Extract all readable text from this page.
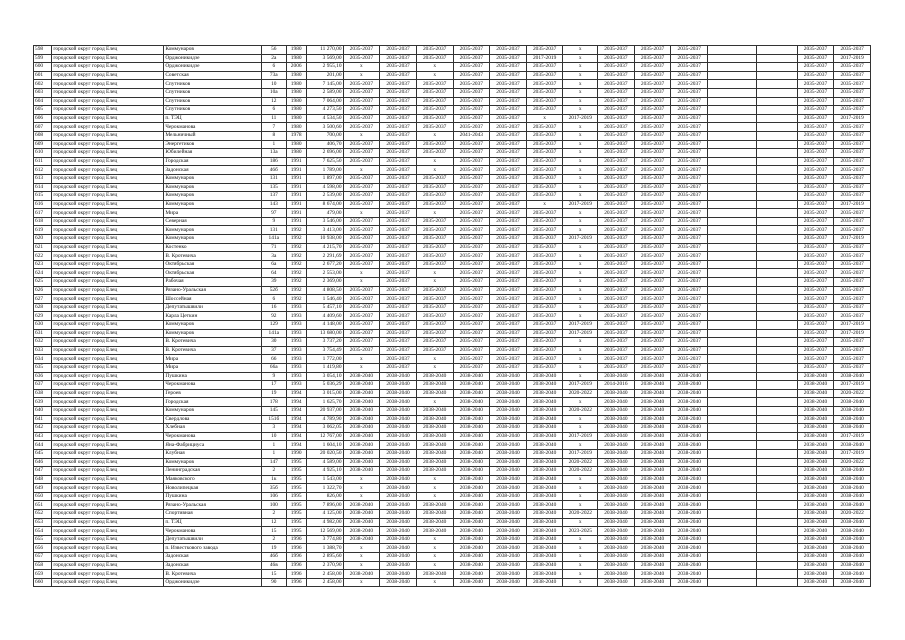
598	городской округ город Елец	Коммунаров	56	1980	11 270,00	2035-2037	2035-2037	2035-2037	2035-2037	2035-2037	2035-2037	х	2035-2037	2035-2037	2035-2037			2035-2037	2035-2037
599	городской округ город Елец	Орджоникидзе	2а	1980	3 569,00	2035-2037	2035-2037	2035-2037	2035-2037	2035-2037	2017-2019	х	2035-2037	2035-2037	2035-2037			2035-2037	2017-2019
600	городской округ город Елец	Орджоникидзе	6	2006	2 955,10	х	2035-2037	х	2035-2037	2035-2037	2035-2037	х	2035-2037	2035-2037	2035-2037			2035-2037	2035-2037
601	городской округ город Елец	Советская	73а	1980	201,00	х	2035-2037	х	2035-2037	2035-2037	2035-2037	х	2035-2037	2035-2037	2035-2037			2035-2037	2035-2037
602	городской округ город Елец	Спутников	10	1980	7 145,00	2035-2037	2035-2037	2035-2037	2035-2037	2035-2037	2035-2037	х	2035-2037	2035-2037	2035-2037			2035-2037	2035-2037
603	городской округ город Елец	Спутников	10а	1980	2 589,00	2035-2037	2035-2037	2035-2037	2035-2037	2035-2037	2035-2037	х	2035-2037	2035-2037	2035-2037			2035-2037	2035-2037
604	городской округ город Елец	Спутников	12	1980	7 064,00	2035-2037	2035-2037	2035-2037	2035-2037	2035-2037	2035-2037	х	2035-2037	2035-2037	2035-2037			2035-2037	2035-2037
605	городской округ город Елец	Спутников	6	1980	4 273,50	2035-2037	2035-2037	2035-2037	2035-2037	2035-2037	2035-2037	х	2035-2037	2035-2037	2035-2037			2035-2037	2035-2037
606	городской округ город Елец	п. ТЭЦ	11	1980	4 534,50	2035-2037	2035-2037	2035-2037	2035-2037	2035-2037	х	2017-2019	2035-2037	2035-2037	2035-2037			2035-2037	2017-2019
607	городской округ город Елец	Черокманова	7	1980	3 500,60	2035-2037	2035-2037	2035-2037	2035-2037	2035-2037	2035-2037	х	2035-2037	2035-2037	2035-2037			2035-2037	2035-2037
608	городской округ город Елец	Мельничный	8	1978	700,00	х	2035-2037	х	2041-2043	2035-2037	2035-2037	х	2035-2037	2035-2037	2035-2037			2035-2037	2035-2037
609	городской округ город Елец	Энергетиков	1	1980	406,70	2035-2037	2035-2037	2035-2037	2035-2037	2035-2037	2035-2037	х	2035-2037	2035-2037	2035-2037			2035-2037	2035-2037
610	городской округ город Елец	Юбилейная	13а	1980	2 696,00	2035-2037	2035-2037	2035-2037	2035-2037	2035-2037	2035-2037	х	2035-2037	2035-2037	2035-2037			2035-2037	2035-2037
611	городской округ город Елец	Городская	186	1991	7 625,50	2035-2037	2035-2037	х	2035-2037	2035-2037	2035-2037	х	2035-2037	2035-2037	2035-2037			2035-2037	2035-2037
612	городской округ город Елец	Задонская	46б	1991	1 789,00	х	2035-2037	х	2035-2037	2035-2037	2035-2037	х	2035-2037	2035-2037	2035-2037			2035-2037	2035-2037
613	городской округ город Елец	Коммунаров	131	1991	1 897,00	2035-2037	2035-2037	2035-2037	2035-2037	2035-2037	2035-2037	х	2035-2037	2035-2037	2035-2037			2035-2037	2035-2037
614	городской округ город Елец	Коммунаров	135	1991	4 598,00	2035-2037	2035-2037	2035-2037	2035-2037	2035-2037	2035-2037	х	2035-2037	2035-2037	2035-2037			2035-2037	2035-2037
615	городской округ город Елец	Коммунаров	137	1991	2 539,00	2035-2037	2035-2037	2035-2037	2035-2037	2035-2037	2035-2037	х	2035-2037	2035-2037	2035-2037			2035-2037	2035-2037
616	городской округ город Елец	Коммунаров	143	1991	8 674,00	2035-2037	2035-2037	2035-2037	2035-2037	2035-2037	х	2017-2019	2035-2037	2035-2037	2035-2037			2035-2037	2017-2019
617	городской округ город Елец	Мира	97	1991	479,00	х	2035-2037	х	2035-2037	2035-2037	2035-2037	х	2035-2037	2035-2037	2035-2037			2035-2037	2035-2037
618	городской округ город Елец	Северная	9	1991	3 546,00	2035-2037	2035-2037	2035-2037	2035-2037	2035-2037	2035-2037	х	2035-2037	2035-2037	2035-2037			2035-2037	2035-2037
619	городской округ город Елец	Коммунаров	131	1992	3 413,00	2035-2037	2035-2037	2035-2037	2035-2037	2035-2037	2035-2037	х	2035-2037	2035-2037	2035-2037			2035-2037	2035-2037
620	городской округ город Елец	Коммунаров	141а	1992	10 938,00	2035-2037	2035-2037	2035-2037	2035-2037	2035-2037	2035-2037	2017-2019	2035-2037	2035-2037	2035-2037			2035-2037	2017-2019
621	городской округ город Елец	Костенко	71	1992	4 215,70	2035-2037	2035-2037	2035-2037	2035-2037	2035-2037	2035-2037	х	2035-2037	2035-2037	2035-2037			2035-2037	2035-2037
622	городской округ город Елец	В. Кротевича	3а	1992	2 291,69	2035-2037	2035-2037	2035-2037	2035-2037	2035-2037	2035-2037	х	2035-2037	2035-2037	2035-2037			2035-2037	2035-2037
623	городской округ город Елец	Октябрьская	6а	1992	2 677,20	2035-2037	2035-2037	2035-2037	2035-2037	2035-2037	2035-2037	х	2035-2037	2035-2037	2035-2037			2035-2037	2035-2037
624	городской округ город Елец	Октябрьская	64	1992	2 553,00	х	2035-2037	х	2035-2037	2035-2037	2035-2037	х	2035-2037	2035-2037	2035-2037			2035-2037	2035-2037
625	городской округ город Елец	Рабочая	39	1992	2 369,00	х	2035-2037	х	2035-2037	2035-2037	2035-2037	х	2035-2037	2035-2037	2035-2037			2035-2037	2035-2037
626	городской округ город Елец	Рязано-Уральская	52б	1992	4 808,50	2035-2037	2035-2037	2035-2037	2035-2037	2035-2037	2035-2037	х	2035-2037	2035-2037	2035-2037			2035-2037	2035-2037
627	городской округ город Елец	Шоссейная	6	1992	1 546,40	2035-2037	2035-2037	2035-2037	2035-2037	2035-2037	2035-2037	х	2035-2037	2035-2037	2035-2037			2035-2037	2035-2037
628	городской округ город Елец	Депутатышвили	16	1993	5 457,10	2035-2037	2035-2037	2035-2037	2035-2037	2035-2037	2035-2037	х	2035-2037	2035-2037	2035-2037			2035-2037	2035-2037
629	городской округ город Елец	Карла Цеткин	92	1993	4 409,60	2035-2037	2035-2037	2035-2037	2035-2037	2035-2037	2035-2037	х	2035-2037	2035-2037	2035-2037			2035-2037	2035-2037
630	городской округ город Елец	Коммунаров	129	1993	4 148,00	2035-2037	2035-2037	2035-2037	2035-2037	2035-2037	2035-2037	2017-2019	2035-2037	2035-2037	2035-2037			2035-2037	2017-2019
631	городской округ город Елец	Коммунаров	141а	1993	13 680,00	2035-2037	2035-2037	2035-2037	2035-2037	2035-2037	2035-2037	2017-2019	2035-2037	2035-2037	2035-2037			2035-2037	2017-2019
632	городской округ город Елец	В. Кротевича	30	1993	3 737,20	2035-2037	2035-2037	2035-2037	2035-2037	2035-2037	2035-2037	х	2035-2037	2035-2037	2035-2037			2035-2037	2035-2037
633	городской округ город Елец	В. Кротевича	37	1993	3 754,49	2035-2037	2035-2037	2035-2037	2035-2037	2035-2037	2035-2037	х	2035-2037	2035-2037	2035-2037			2035-2037	2035-2037
634	городской округ город Елец	Мира	66	1993	1 772,00	х	2035-2037	х	2035-2037	2035-2037	2035-2037	х	2035-2037	2035-2037	2035-2037			2035-2037	2035-2037
635	городской округ город Елец	Мира	66а	1993	1 419,80	х	2035-2037	х	2035-2037	2035-2037	2035-2037	х	2035-2037	2035-2037	2035-2037			2035-2037	2035-2037
636	городской округ город Елец	Пушкина	9	1993	3 054,10	2038-2040	2038-2040	2038-2040	2038-2040	2038-2040	2038-2040	х	2038-2040	2038-2040	2038-2040			2038-2040	2038-2040
637	городской округ город Елец	Черокманова	17	1993	5 036,29	2038-2040	2038-2040	2038-2040	2038-2040	2038-2040	2038-2040	2017-2019	2014-2016	2038-2040	2038-2040			2038-2040	2017-2019
638	городской округ город Елец	Героев	19	1994	3 015,00	2038-2040	2038-2040	2038-2040	2038-2040	2038-2040	2038-2040	2020-2022	2038-2040	2038-2040	2038-2040			2038-2040	2020-2022
639	городской округ город Елец	Городская	178	1994	1 625,70	2038-2040	2038-2040	х	2038-2040	2038-2040	2038-2040	х	2038-2040	2038-2040	2038-2040			2038-2040	2038-2040
640	городской округ город Елец	Коммунаров	145	1994	20 937,00	2038-2040	2038-2040	2038-2040	2038-2040	2038-2040	2038-2040	2020-2022	2038-2040	2038-2040	2038-2040			2038-2040	2038-2040
641	городской округ город Елец	Свердлова	151б	1994	4 789,90	2038-2040	2038-2040	2038-2040	2038-2040	2038-2040	2038-2040	х	2038-2040	2038-2040	2038-2040			2038-2040	2038-2040
642	городской округ город Елец	Хлебная	3	1994	3 062,05	2038-2040	2038-2040	2038-2040	2038-2040	2038-2040	2038-2040	х	2038-2040	2038-2040	2038-2040			2038-2040	2038-2040
643	городской округ город Елец	Черокманова	10	1994	12 767,00	2038-2040	2038-2040	2038-2040	2038-2040	2038-2040	2038-2040	2017-2019	2038-2040	2038-2040	2038-2040			2038-2040	2017-2019
644	городской округ город Елец	Яна-Фабрициуса	1	1994	1 604,10	2038-2040	2038-2040	2038-2040	2038-2040	2038-2040	2038-2040	х	2038-2040	2038-2040	2038-2040			2038-2040	2038-2040
645	городской округ город Елец	Клубная	1	1990	20 020,50	2038-2040	2038-2040	2038-2040	2038-2040	2038-2040	2038-2040	2017-2019	2038-2040	2038-2040	2038-2040			2038-2040	2017-2019
646	городской округ город Елец	Коммунаров	147	1995	4 589,00	2038-2040	2038-2040	2038-2040	2038-2040	2038-2040	2038-2040	2020-2022	2038-2040	2038-2040	2038-2040			2038-2040	2020-2022
647	городской округ город Елец	Ленинградская	2	1995	4 925,10	2038-2040	2038-2040	2038-2040	2038-2040	2038-2040	2038-2040	2020-2022	2038-2040	2038-2040	2038-2040			2038-2040	2038-2040
648	городской округ город Елец	Маяковского	1к	1995	1 543,00	х	2038-2040	х	2038-2040	2038-2040	2038-2040	х	2038-2040	2038-2040	2038-2040			2038-2040	2038-2040
649	городской округ город Елец	Новолипецкая	35б	1995	1 322,70	х	2038-2040	х	2038-2040	2038-2040	2038-2040	х	2038-2040	2038-2040	2038-2040			2038-2040	2038-2040
650	городской округ город Елец	Пушкина	106	1995	826,00	х	2038-2040	х	2038-2040	2038-2040	2038-2040	х	2038-2040	2038-2040	2038-2040			2038-2040	2038-2040
651	городской округ город Елец	Рязано-Уральская	100	1995	7 896,00	2038-2040	2038-2040	2038-2040	2038-2040	2038-2040	2038-2040	х	2038-2040	2038-2040	2038-2040			2038-2040	2038-2040
652	городской округ город Елец	Спортивная	2	1995	4 125,00	2038-2040	2038-2040	2038-2040	2038-2040	2038-2040	2038-2040	2020-2022	2038-2040	2038-2040	2038-2040			2038-2040	2020-2022
653	городской округ город Елец	п. ТЭЦ	12	1995	4 982,00	2038-2040	2038-2040	2038-2040	2038-2040	2038-2040	2038-2040	х	2038-2040	2038-2040	2038-2040			2038-2040	2038-2040
654	городской округ город Елец	Черокманова	15	1995	12 569,00	2038-2040	2038-2040	2038-2040	2038-2040	2038-2040	2038-2040	2023-2025	2038-2040	2038-2040	2038-2040			2038-2040	2038-2040
655	городской округ город Елец	Депутатышвили	2	1996	3 774,80	2038-2040	2038-2040	х	2038-2040	2038-2040	2038-2040	х	2038-2040	2038-2040	2038-2040			2038-2040	2038-2040
656	городской округ город Елец	п. Известкового завода	19	1996	1 388,70	х	2038-2040	х	2038-2040	2038-2040	2038-2040	х	2038-2040	2038-2040	2038-2040			2038-2040	2038-2040
657	городской округ город Елец	Задонская	46б	1996	2 895,60	х	2038-2040	х	2038-2040	2038-2040	2038-2040	х	2038-2040	2038-2040	2038-2040			2038-2040	2038-2040
658	городской округ город Елец	Задонская	46в	1996	2 370,90	х	2038-2040	х	2038-2040	2038-2040	2038-2040	х	2038-2040	2038-2040	2038-2040			2038-2040	2038-2040
659	городской округ город Елец	В. Кротевича	15	1996	2 458,00	2038-2040	2038-2040	2038-2040	2038-2040	2038-2040	2038-2040	х	2038-2040	2038-2040	2038-2040			2038-2040	2038-2040
660	городской округ город Елец	Орджоникидзе	90	1996	2 458,00	х	2038-2040	х	2038-2040	2038-2040	2038-2040	х	2038-2040	2038-2040	2038-2040			2038-2040	2038-2040
